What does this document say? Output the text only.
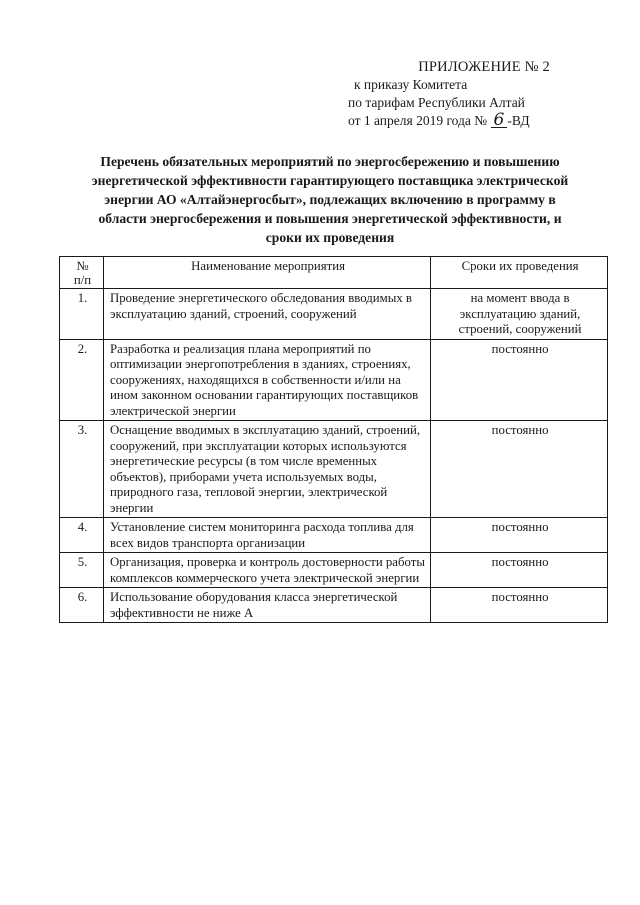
ПРИЛОЖЕНИЕ № 2
к приказу Комитета
по тарифам Республики Алтай
от 1 апреля 2019 года № 6 -ВД
Перечень обязательных мероприятий по энергосбережению и повышению
энергетической эффективности гарантирующего поставщика электрической
энергии АО «Алтайэнергосбыт», подлежащих включению в программу в
области энергосбережения и повышения энергетической эффективности, и
сроки их проведения
№
п/п	Наименование мероприятия	Сроки их проведения
1.	Проведение энергетического обследования вводимых в эксплуатацию зданий, строений, сооружений	на момент ввода в эксплуатацию зданий, строений, сооружений
2.	Разработка и реализация плана мероприятий по оптимизации энергопотребления в зданиях, строениях, сооружениях, находящихся в собственности и/или на ином законном основании гарантирующих поставщиков электрической энергии	постоянно
3.	Оснащение вводимых в эксплуатацию зданий, строений, сооружений, при эксплуатации которых используются энергетические ресурсы (в том числе временных объектов), приборами учета используемых воды, природного газа, тепловой энергии, электрической энергии	постоянно
4.	Установление систем мониторинга расхода топлива для всех видов транспорта организации	постоянно
5.	Организация, проверка и контроль достоверности работы комплексов коммерческого учета электрической энергии	постоянно
6.	Использование оборудования класса энергетической эффективности не ниже А	постоянно
